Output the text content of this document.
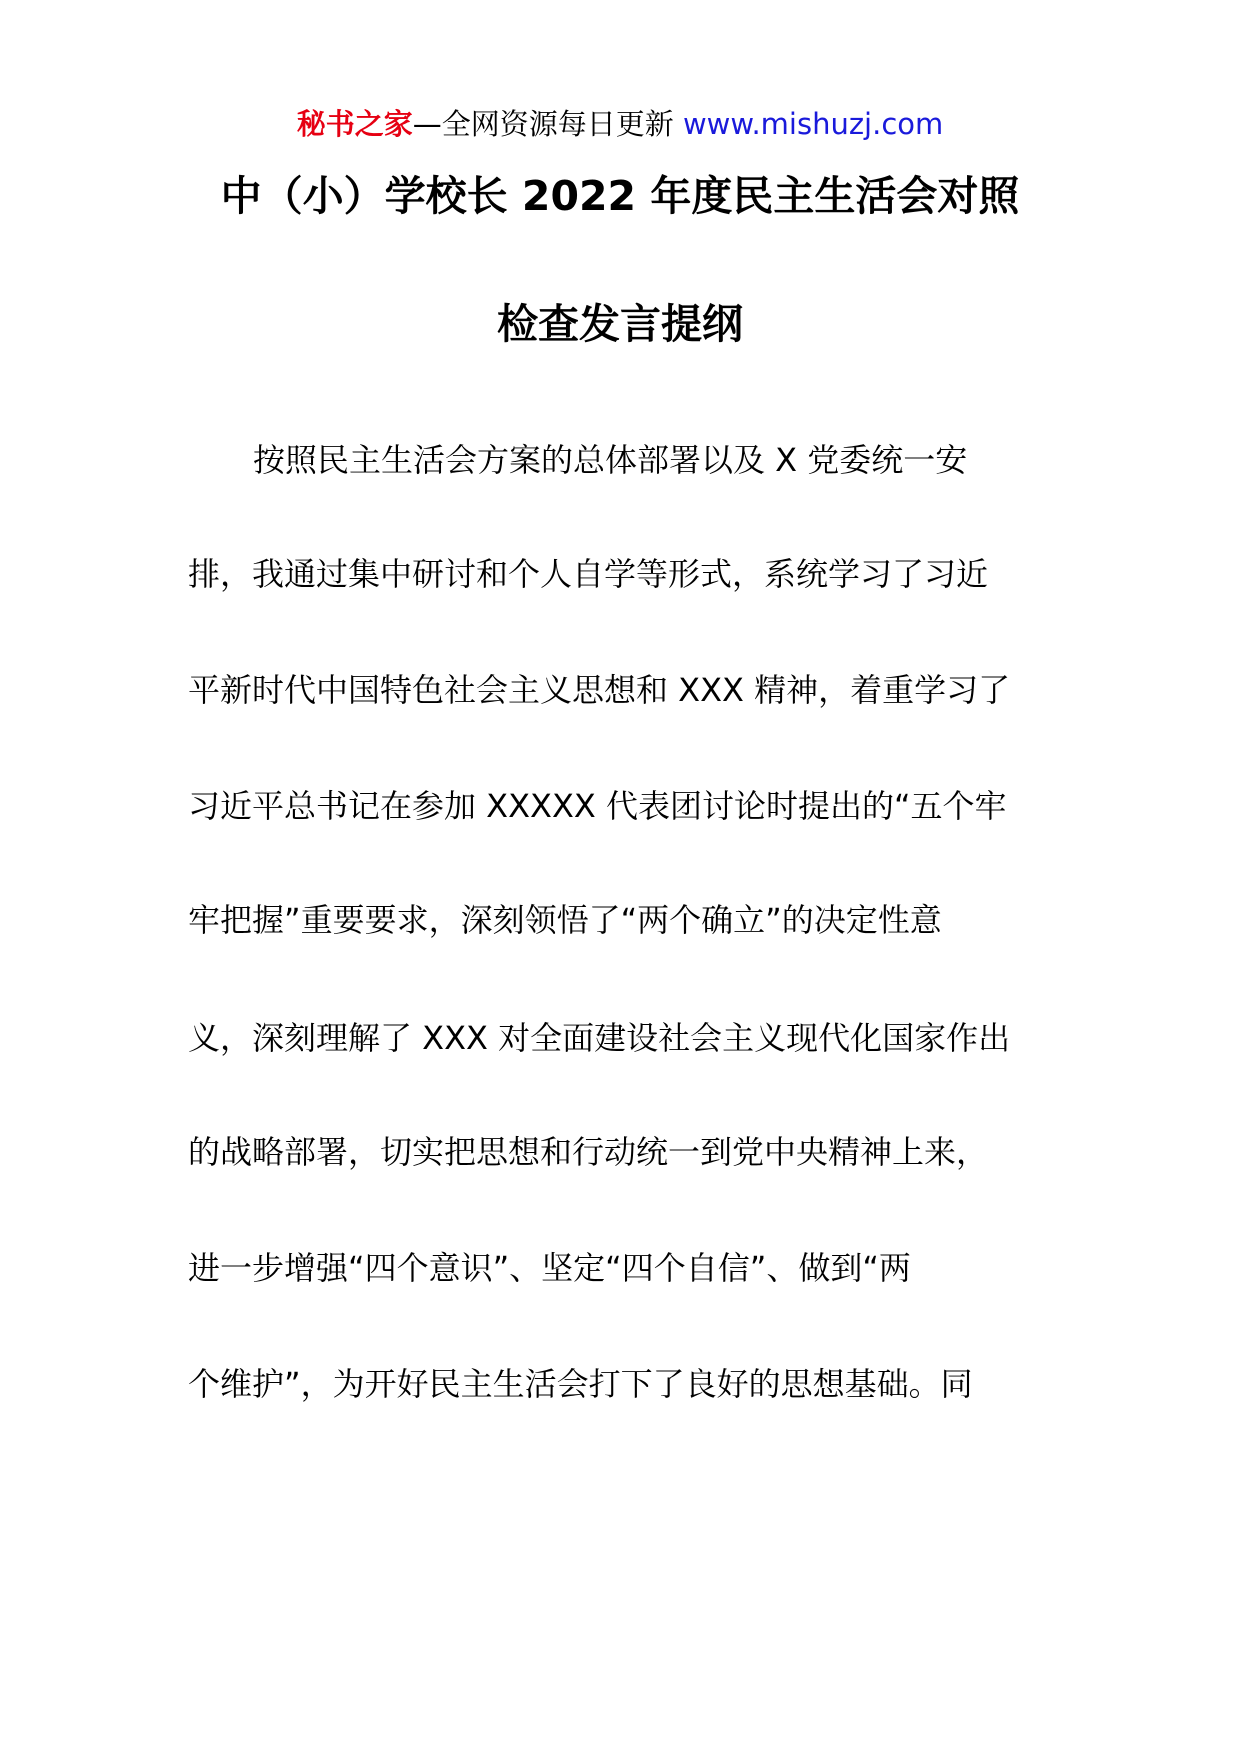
秘书之家—全网资源每日更新 www.mishuzj.com
中（小）学校长 2022 年度民主生活会对照
检查发言提纲
按照民主生活会方案的总体部署以及 X 党委统一安
排，我通过集中研讨和个人自学等形式，系统学习了习近
平新时代中国特色社会主义思想和 XXX 精神，着重学习了
习近平总书记在参加 XXXXX 代表团讨论时提出的“五个牢
牢把握”重要要求，深刻领悟了“两个确立”的决定性意
义，深刻理解了 XXX 对全面建设社会主义现代化国家作出
的战略部署，切实把思想和行动统一到党中央精神上来，
进一步增强“四个意识”、坚定“四个自信”、做到“两
个维护”，为开好民主生活会打下了良好的思想基础。同
